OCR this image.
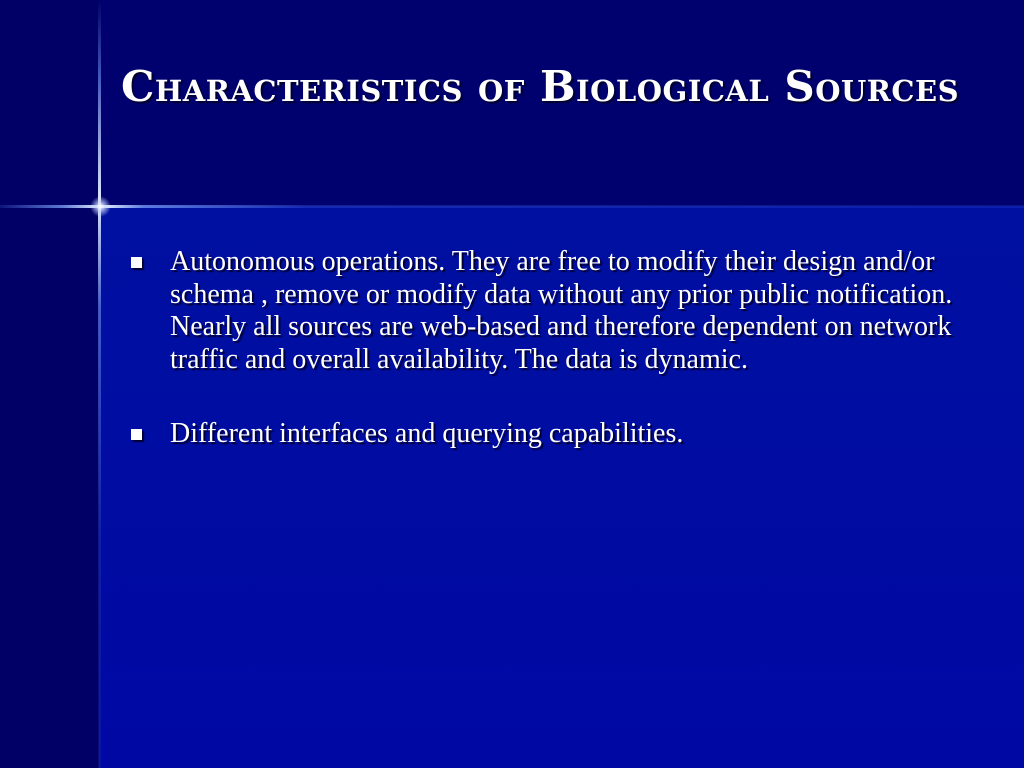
Characteristics of Biological Sources
Autonomous operations. They are free to modify their design and/or schema , remove or modify data without any prior public notification. Nearly all sources are web-based and therefore dependent on network traffic and overall availability. The data is dynamic.
Different interfaces and querying capabilities.
